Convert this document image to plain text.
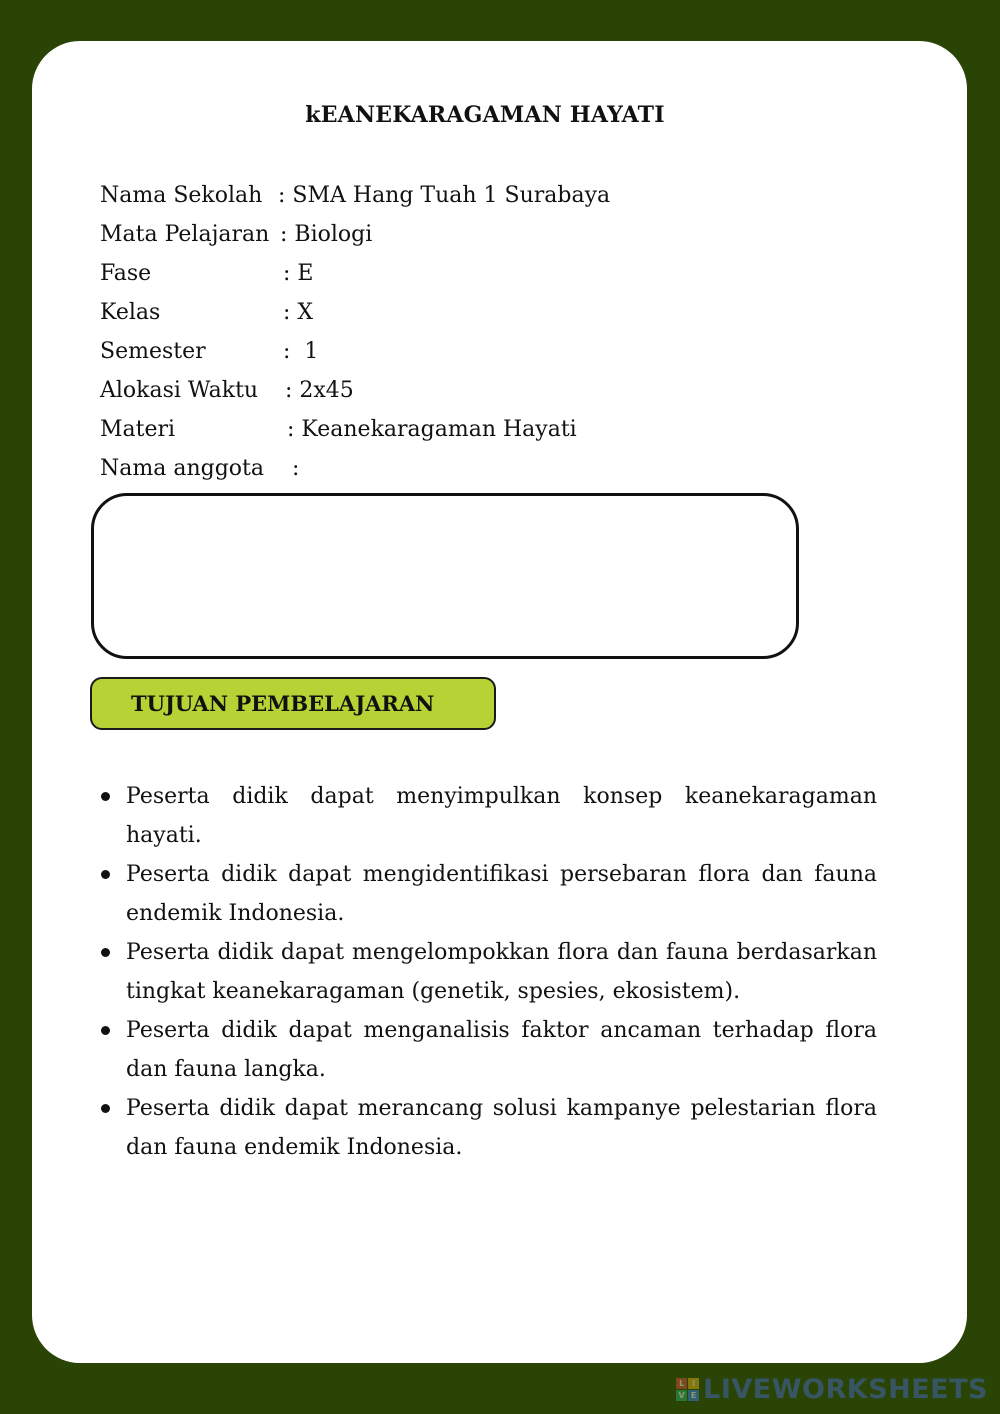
kEANEKARAGAMAN HAYATI
Nama Sekolah : SMA Hang Tuah 1 Surabaya
Mata Pelajaran : Biologi
Fase	: E
Kelas	: X
Semester	:  1
Alokasi Waktu : 2x45
Materi	: Keanekaragaman Hayati
Nama anggota :
TUJUAN PEMBELAJARAN
Peserta didik dapat menyimpulkan konsep keanekaragaman hayati.
Peserta didik dapat mengidentifikasi persebaran flora dan fauna endemik Indonesia.
Peserta didik dapat mengelompokkan flora dan fauna berdasarkan tingkat keanekaragaman (genetik, spesies, ekosistem).
Peserta didik dapat menganalisis faktor ancaman terhadap flora dan fauna langka.
Peserta didik dapat merancang solusi kampanye pelestarian flora dan fauna endemik Indonesia.
L I
V E LIVEWORKSHEETS
